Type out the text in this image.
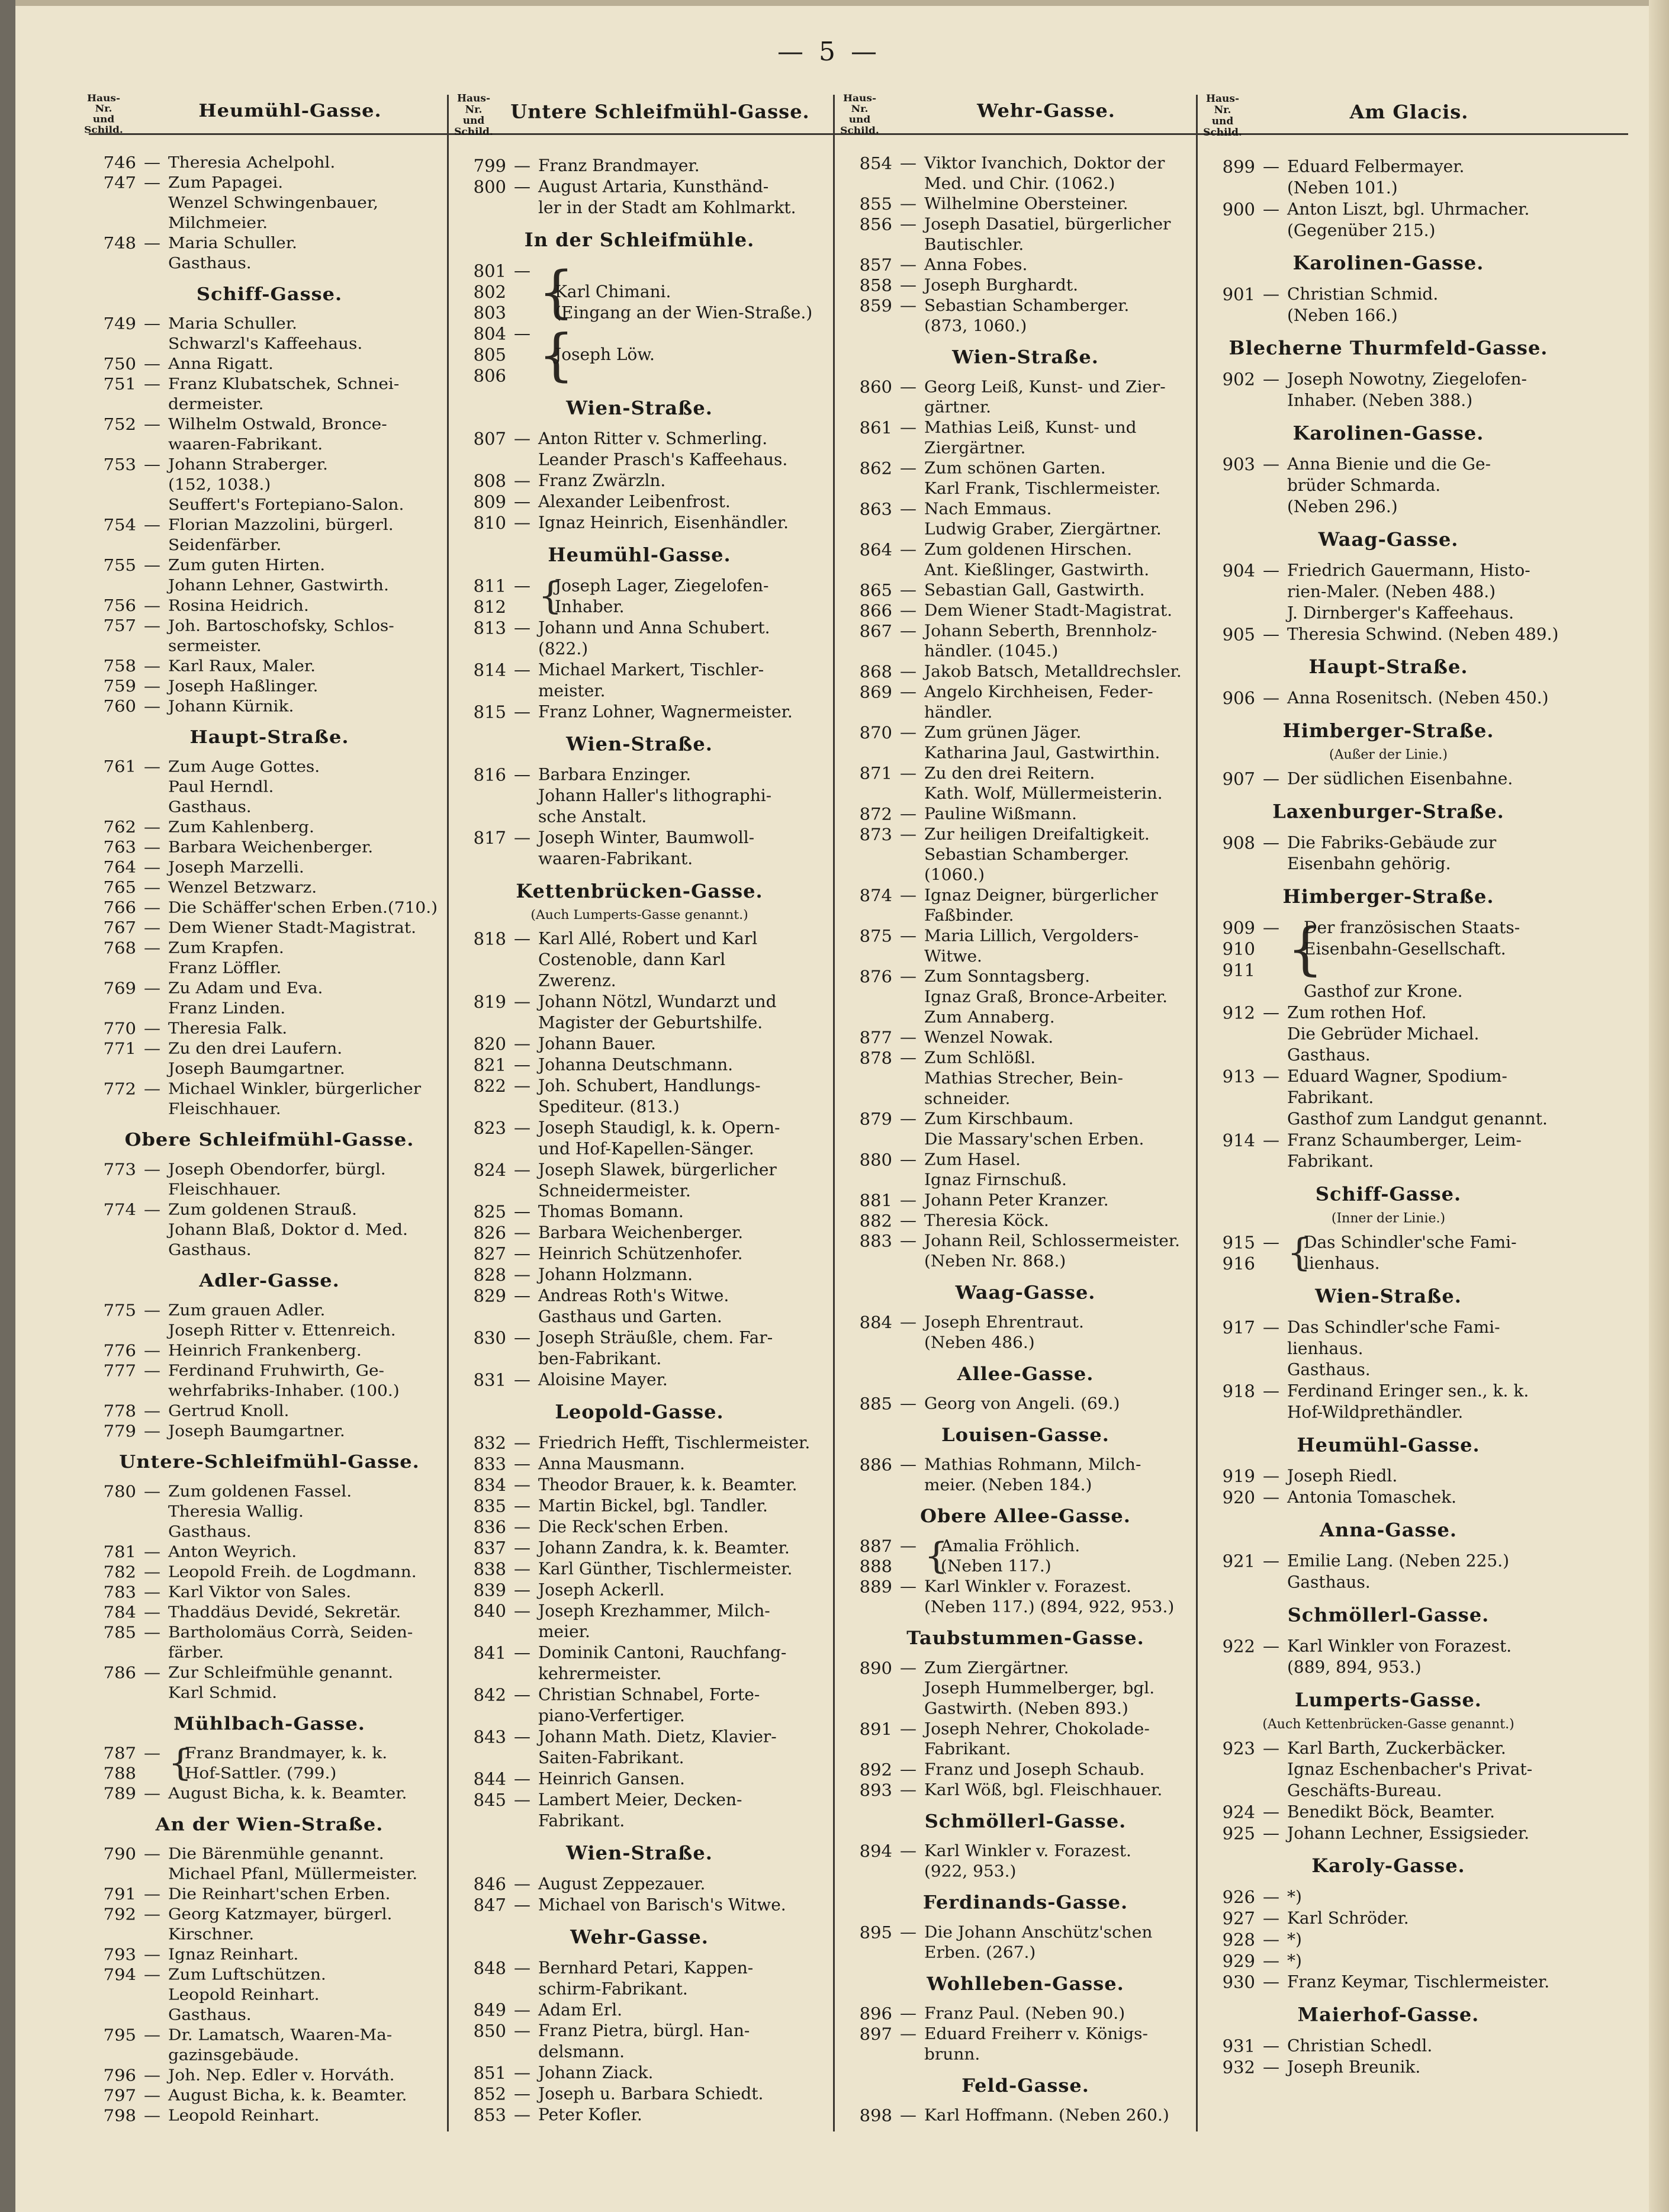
— 5 —
Haus-Nr. und Schild.
Heumühl-Gasse.
746 — Theresia Achelpohl.
747 — Zum Papagei.
Wenzel Schwingenbauer,
Milchmeier.
748 — Maria Schuller.
Gasthaus.
Schiff-Gasse.
749 — Maria Schuller.
Schwarzl's Kaffeehaus.
750 — Anna Rigatt.
751 — Franz Klubatschek, Schnei-
dermeister.
752 — Wilhelm Ostwald, Bronce-
waaren-Fabrikant.
753 — Johann Straberger.
(152, 1038.)
Seuffert's Fortepiano-Salon.
754 — Florian Mazzolini, bürgerl.
Seidenfärber.
755 — Zum guten Hirten.
Johann Lehner, Gastwirth.
756 — Rosina Heidrich.
757 — Joh. Bartoschofsky, Schlos-
sermeister.
758 — Karl Raux, Maler.
759 — Joseph Haßlinger.
760 — Johann Kürnik.
Haupt-Straße.
761 — Zum Auge Gottes.
Paul Herndl.
Gasthaus.
762 — Zum Kahlenberg.
763 — Barbara Weichenberger.
764 — Joseph Marzelli.
765 — Wenzel Betzwarz.
766 — Die Schäffer'schen Erben.(710.)
767 — Dem Wiener Stadt-Magistrat.
768 — Zum Krapfen.
Franz Löffler.
769 — Zu Adam und Eva.
Franz Linden.
770 — Theresia Falk.
771 — Zu den drei Laufern.
Joseph Baumgartner.
772 — Michael Winkler, bürgerlicher
Fleischhauer.
Obere Schleifmühl-Gasse.
773 — Joseph Obendorfer, bürgl.
Fleischhauer.
774 — Zum goldenen Strauß.
Johann Blaß, Doktor d. Med.
Gasthaus.
Adler-Gasse.
775 — Zum grauen Adler.
Joseph Ritter v. Ettenreich.
776 — Heinrich Frankenberg.
777 — Ferdinand Fruhwirth, Ge-
wehrfabriks-Inhaber. (100.)
778 — Gertrud Knoll.
779 — Joseph Baumgartner.
Untere-Schleifmühl-Gasse.
780 — Zum goldenen Fassel.
Theresia Wallig.
Gasthaus.
781 — Anton Weyrich.
782 — Leopold Freih. de Logdmann.
783 — Karl Viktor von Sales.
784 — Thaddäus Devidé, Sekretär.
785 — Bartholomäus Corrà, Seiden-
färber.
786 — Zur Schleifmühle genannt.
Karl Schmid.
Mühlbach-Gasse.
787
788
— {
Franz Brandmayer, k. k.
Hof-Sattler. (799.)
789 — August Bicha, k. k. Beamter.
An der Wien-Straße.
790 — Die Bärenmühle genannt.
Michael Pfanl, Müllermeister.
791 — Die Reinhart'schen Erben.
792 — Georg Katzmayer, bürgerl.
Kirschner.
793 — Ignaz Reinhart.
794 — Zum Luftschützen.
Leopold Reinhart.
Gasthaus.
795 — Dr. Lamatsch, Waaren-Ma-
gazinsgebäude.
796 — Joh. Nep. Edler v. Horváth.
797 — August Bicha, k. k. Beamter.
798 — Leopold Reinhart.
Haus-Nr. und Schild.
Untere Schleifmühl-Gasse.
799 — Franz Brandmayer.
800 — August Artaria, Kunsthänd-
ler in der Stadt am Kohlmarkt.
In der Schleifmühle.
801
802
803
— {

Karl Chimani.
(Eingang an der Wien-Straße.)
804
805
806
— {

Joseph Löw.
Wien-Straße.
807 — Anton Ritter v. Schmerling.
Leander Prasch's Kaffeehaus.
808 — Franz Zwärzln.
809 — Alexander Leibenfrost.
810 — Ignaz Heinrich, Eisenhändler.
Heumühl-Gasse.
811
812
— {
Joseph Lager, Ziegelofen-
Inhaber.
813 — Johann und Anna Schubert.
(822.)
814 — Michael Markert, Tischler-
meister.
815 — Franz Lohner, Wagnermeister.
Wien-Straße.
816 — Barbara Enzinger.
Johann Haller's lithographi-
sche Anstalt.
817 — Joseph Winter, Baumwoll-
waaren-Fabrikant.
Kettenbrücken-Gasse.
(Auch Lumperts-Gasse genannt.)
818 — Karl Allé, Robert und Karl
Costenoble, dann Karl
Zwerenz.
819 — Johann Nötzl, Wundarzt und
Magister der Geburtshilfe.
820 — Johann Bauer.
821 — Johanna Deutschmann.
822 — Joh. Schubert, Handlungs-
Spediteur. (813.)
823 — Joseph Staudigl, k. k. Opern-
und Hof-Kapellen-Sänger.
824 — Joseph Slawek, bürgerlicher
Schneidermeister.
825 — Thomas Bomann.
826 — Barbara Weichenberger.
827 — Heinrich Schützenhofer.
828 — Johann Holzmann.
829 — Andreas Roth's Witwe.
Gasthaus und Garten.
830 — Joseph Sträußle, chem. Far-
ben-Fabrikant.
831 — Aloisine Mayer.
Leopold-Gasse.
832 — Friedrich Hefft, Tischlermeister.
833 — Anna Mausmann.
834 — Theodor Brauer, k. k. Beamter.
835 — Martin Bickel, bgl. Tandler.
836 — Die Reck'schen Erben.
837 — Johann Zandra, k. k. Beamter.
838 — Karl Günther, Tischlermeister.
839 — Joseph Ackerll.
840 — Joseph Krezhammer, Milch-
meier.
841 — Dominik Cantoni, Rauchfang-
kehrermeister.
842 — Christian Schnabel, Forte-
piano-Verfertiger.
843 — Johann Math. Dietz, Klavier-
Saiten-Fabrikant.
844 — Heinrich Gansen.
845 — Lambert Meier, Decken-
Fabrikant.
Wien-Straße.
846 — August Zeppezauer.
847 — Michael von Barisch's Witwe.
Wehr-Gasse.
848 — Bernhard Petari, Kappen-
schirm-Fabrikant.
849 — Adam Erl.
850 — Franz Pietra, bürgl. Han-
delsmann.
851 — Johann Ziack.
852 — Joseph u. Barbara Schiedt.
853 — Peter Kofler.
Haus-Nr. und Schild.
Wehr-Gasse.
854 — Viktor Ivanchich, Doktor der
Med. und Chir. (1062.)
855 — Wilhelmine Obersteiner.
856 — Joseph Dasatiel, bürgerlicher
Bautischler.
857 — Anna Fobes.
858 — Joseph Burghardt.
859 — Sebastian Schamberger.
(873, 1060.)
Wien-Straße.
860 — Georg Leiß, Kunst- und Zier-
gärtner.
861 — Mathias Leiß, Kunst- und
Ziergärtner.
862 — Zum schönen Garten.
Karl Frank, Tischlermeister.
863 — Nach Emmaus.
Ludwig Graber, Ziergärtner.
864 — Zum goldenen Hirschen.
Ant. Kießlinger, Gastwirth.
865 — Sebastian Gall, Gastwirth.
866 — Dem Wiener Stadt-Magistrat.
867 — Johann Seberth, Brennholz-
händler. (1045.)
868 — Jakob Batsch, Metalldrechsler.
869 — Angelo Kirchheisen, Feder-
händler.
870 — Zum grünen Jäger.
Katharina Jaul, Gastwirthin.
871 — Zu den drei Reitern.
Kath. Wolf, Müllermeisterin.
872 — Pauline Wißmann.
873 — Zur heiligen Dreifaltigkeit.
Sebastian Schamberger.
(1060.)
874 — Ignaz Deigner, bürgerlicher
Faßbinder.
875 — Maria Lillich, Vergolders-
Witwe.
876 — Zum Sonntagsberg.
Ignaz Graß, Bronce-Arbeiter.
Zum Annaberg.
877 — Wenzel Nowak.
878 — Zum Schlößl.
Mathias Strecher, Bein-
schneider.
879 — Zum Kirschbaum.
Die Massary'schen Erben.
880 — Zum Hasel.
Ignaz Firnschuß.
881 — Johann Peter Kranzer.
882 — Theresia Köck.
883 — Johann Reil, Schlossermeister.
(Neben Nr. 868.)
Waag-Gasse.
884 — Joseph Ehrentraut.
(Neben 486.)
Allee-Gasse.
885 — Georg von Angeli. (69.)
Louisen-Gasse.
886 — Mathias Rohmann, Milch-
meier. (Neben 184.)
Obere Allee-Gasse.
887
888
— {
Amalia Fröhlich.
(Neben 117.)
889 — Karl Winkler v. Forazest.
(Neben 117.) (894, 922, 953.)
Taubstummen-Gasse.
890 — Zum Ziergärtner.
Joseph Hummelberger, bgl.
Gastwirth. (Neben 893.)
891 — Joseph Nehrer, Chokolade-
Fabrikant.
892 — Franz und Joseph Schaub.
893 — Karl Wöß, bgl. Fleischhauer.
Schmöllerl-Gasse.
894 — Karl Winkler v. Forazest.
(922, 953.)
Ferdinands-Gasse.
895 — Die Johann Anschütz'schen
Erben. (267.)
Wohlleben-Gasse.
896 — Franz Paul. (Neben 90.)
897 — Eduard Freiherr v. Königs-
brunn.
Feld-Gasse.
898 — Karl Hoffmann. (Neben 260.)
Haus-Nr. und Schild.
Am Glacis.
899 — Eduard Felbermayer.
(Neben 101.)
900 — Anton Liszt, bgl. Uhrmacher.
(Gegenüber 215.)
Karolinen-Gasse.
901 — Christian Schmid.
(Neben 166.)
Blecherne Thurmfeld-Gasse.
902 — Joseph Nowotny, Ziegelofen-
Inhaber. (Neben 388.)
Karolinen-Gasse.
903 — Anna Bienie und die Ge-
brüder Schmarda.
(Neben 296.)
Waag-Gasse.
904 — Friedrich Gauermann, Histo-
rien-Maler. (Neben 488.)
J. Dirnberger's Kaffeehaus.
905 — Theresia Schwind. (Neben 489.)
Haupt-Straße.
906 — Anna Rosenitsch. (Neben 450.)
Himberger-Straße.
(Außer der Linie.)
907 — Der südlichen Eisenbahne.
Laxenburger-Straße.
908 — Die Fabriks-Gebäude zur
Eisenbahn gehörig.
Himberger-Straße.
909
910
911
— {
Der französischen Staats-
Eisenbahn-Gesellschaft.

Gasthof zur Krone.
912 — Zum rothen Hof.
Die Gebrüder Michael.
Gasthaus.
913 — Eduard Wagner, Spodium-
Fabrikant.
Gasthof zum Landgut genannt.
914 — Franz Schaumberger, Leim-
Fabrikant.
Schiff-Gasse.
(Inner der Linie.)
915
916
— {
Das Schindler'sche Fami-
lienhaus.
Wien-Straße.
917 — Das Schindler'sche Fami-
lienhaus.
Gasthaus.
918 — Ferdinand Eringer sen., k. k.
Hof-Wildprethändler.
Heumühl-Gasse.
919 — Joseph Riedl.
920 — Antonia Tomaschek.
Anna-Gasse.
921 — Emilie Lang. (Neben 225.)
Gasthaus.
Schmöllerl-Gasse.
922 — Karl Winkler von Forazest.
(889, 894, 953.)
Lumperts-Gasse.
(Auch Kettenbrücken-Gasse genannt.)
923 — Karl Barth, Zuckerbäcker.
Ignaz Eschenbacher's Privat-
Geschäfts-Bureau.
924 — Benedikt Böck, Beamter.
925 — Johann Lechner, Essigsieder.
Karoly-Gasse.
926 — *)
927 — Karl Schröder.
928 — *)
929 — *)
930 — Franz Keymar, Tischlermeister.
Maierhof-Gasse.
931 — Christian Schedl.
932 — Joseph Breunik.
